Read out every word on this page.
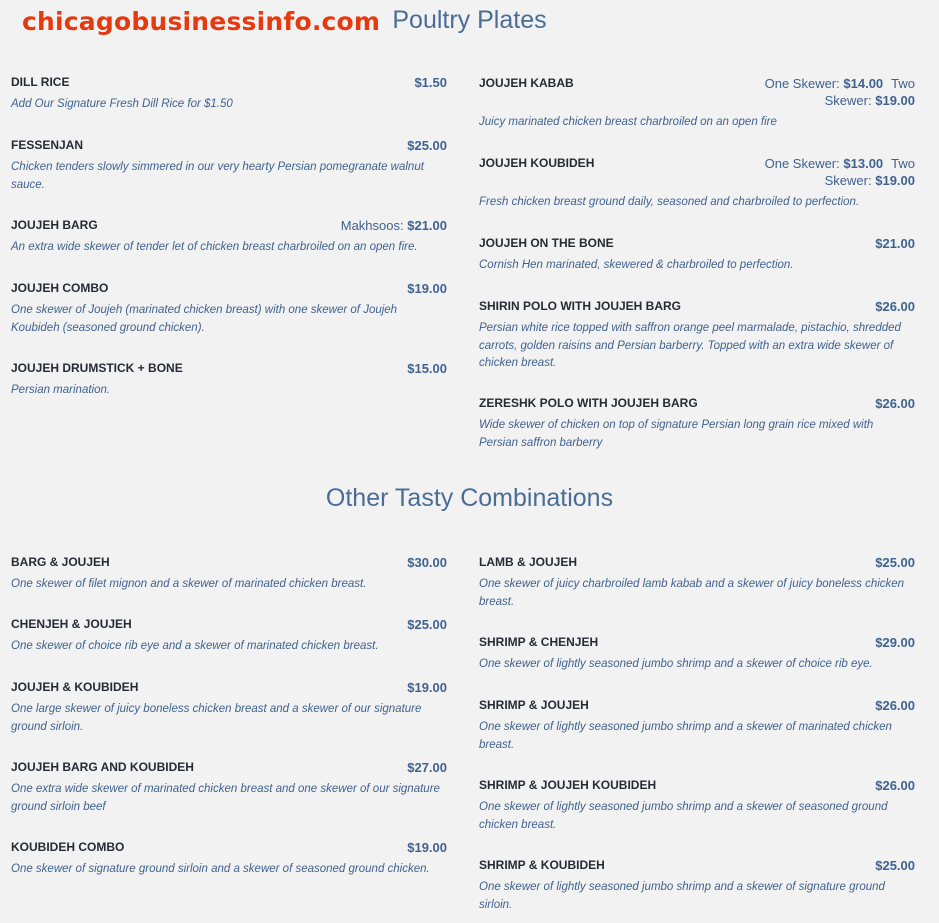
chicagobusinessinfo.com Poultry Plates
DILL RICE	$1.50
Add Our Signature Fresh Dill Rice for $1.50
FESSENJAN	$25.00
Chicken tenders slowly simmered in our very hearty Persian pomegranate walnut sauce.
JOUJEH BARG	Makhsoos: $21.00
An extra wide skewer of tender let of chicken breast charbroiled on an open fire.
JOUJEH COMBO	$19.00
One skewer of Joujeh (marinated chicken breast) with one skewer of Joujeh Koubideh (seasoned ground chicken).
JOUJEH DRUMSTICK + BONE	$15.00
Persian marination.
JOUJEH KABAB	One Skewer: $14.00 Two Skewer: $19.00
Juicy marinated chicken breast charbroiled on an open fire
JOUJEH KOUBIDEH	One Skewer: $13.00 Two Skewer: $19.00
Fresh chicken breast ground daily, seasoned and charbroiled to perfection.
JOUJEH ON THE BONE	$21.00
Cornish Hen marinated, skewered & charbroiled to perfection.
SHIRIN POLO WITH JOUJEH BARG	$26.00
Persian white rice topped with saffron orange peel marmalade, pistachio, shredded carrots, golden raisins and Persian barberry. Topped with an extra wide skewer of chicken breast.
ZERESHK POLO WITH JOUJEH BARG	$26.00
Wide skewer of chicken on top of signature Persian long grain rice mixed with Persian saffron barberry
Other Tasty Combinations
BARG & JOUJEH	$30.00
One skewer of filet mignon and a skewer of marinated chicken breast.
CHENJEH & JOUJEH	$25.00
One skewer of choice rib eye and a skewer of marinated chicken breast.
JOUJEH & KOUBIDEH	$19.00
One large skewer of juicy boneless chicken breast and a skewer of our signature ground sirloin.
JOUJEH BARG AND KOUBIDEH	$27.00
One extra wide skewer of marinated chicken breast and one skewer of our signature ground sirloin beef
KOUBIDEH COMBO	$19.00
One skewer of signature ground sirloin and a skewer of seasoned ground chicken.
LAMB & JOUJEH	$25.00
One skewer of juicy charbroiled lamb kabab and a skewer of juicy boneless chicken breast.
SHRIMP & CHENJEH	$29.00
One skewer of lightly seasoned jumbo shrimp and a skewer of choice rib eye.
SHRIMP & JOUJEH	$26.00
One skewer of lightly seasoned jumbo shrimp and a skewer of marinated chicken breast.
SHRIMP & JOUJEH KOUBIDEH	$26.00
One skewer of lightly seasoned jumbo shrimp and a skewer of seasoned ground chicken breast.
SHRIMP & KOUBIDEH	$25.00
One skewer of lightly seasoned jumbo shrimp and a skewer of signature ground sirloin.
